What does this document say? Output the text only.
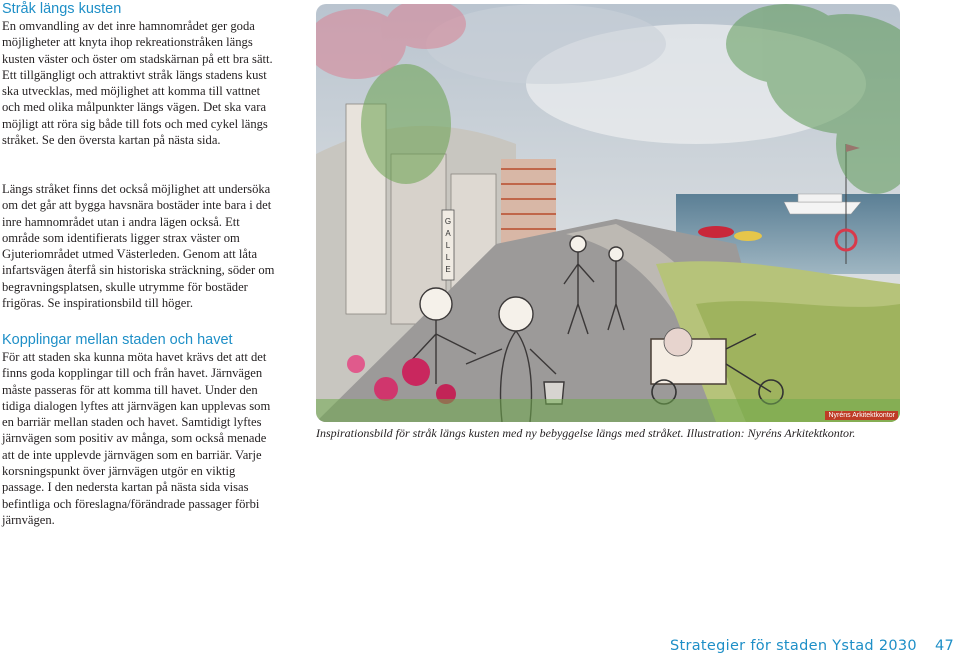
Stråk längs kusten

En omvandling av det inre hamnområdet ger goda möjligheter att knyta ihop rekreationstråken längs kusten väster och öster om stadskärnan på ett bra sätt. Ett tillgängligt och attraktivt stråk längs stadens kust ska utvecklas, med möjlighet att komma till vattnet och med olika målpunkter längs vägen. Det ska vara möjligt att röra sig både till fots och med cykel längs stråket. Se den översta kartan på nästa sida.

Längs stråket finns det också möjlighet att undersöka om det går att bygga havsnära bostäder inte bara i det inre hamnområdet utan i andra lägen också. Ett område som identifierats ligger strax väster om Gjuteriområdet utmed Västerleden. Genom att låta infartsvägen återfå sin historiska sträckning, söder om begravningsplatsen, skulle utrymme för bostäder frigöras. Se inspirationsbild till höger.

Kopplingar mellan staden och havet

För att staden ska kunna möta havet krävs det att det finns goda kopplingar till och från havet. Järnvägen måste passeras för att komma till havet. Under den tidiga dialogen lyftes att järnvägen kan upplevas som en barriär mellan staden och havet. Samtidigt lyftes järnvägen som positiv av många, som också menade att de inte upplevde järnvägen som en barriär. Varje korsningspunkt över järnvägen utgör en viktig passage. I den nedersta kartan på nästa sida visas befintliga och föreslagna/förändrade passager förbi järnvägen.

G
A
L
L
E
Nyréns Arkitektkontor
Inspirationsbild för stråk längs kusten med ny bebyggelse längs med stråket. Illustration: Nyréns Arkitektkontor.
Strategier för staden Ystad 2030 47
